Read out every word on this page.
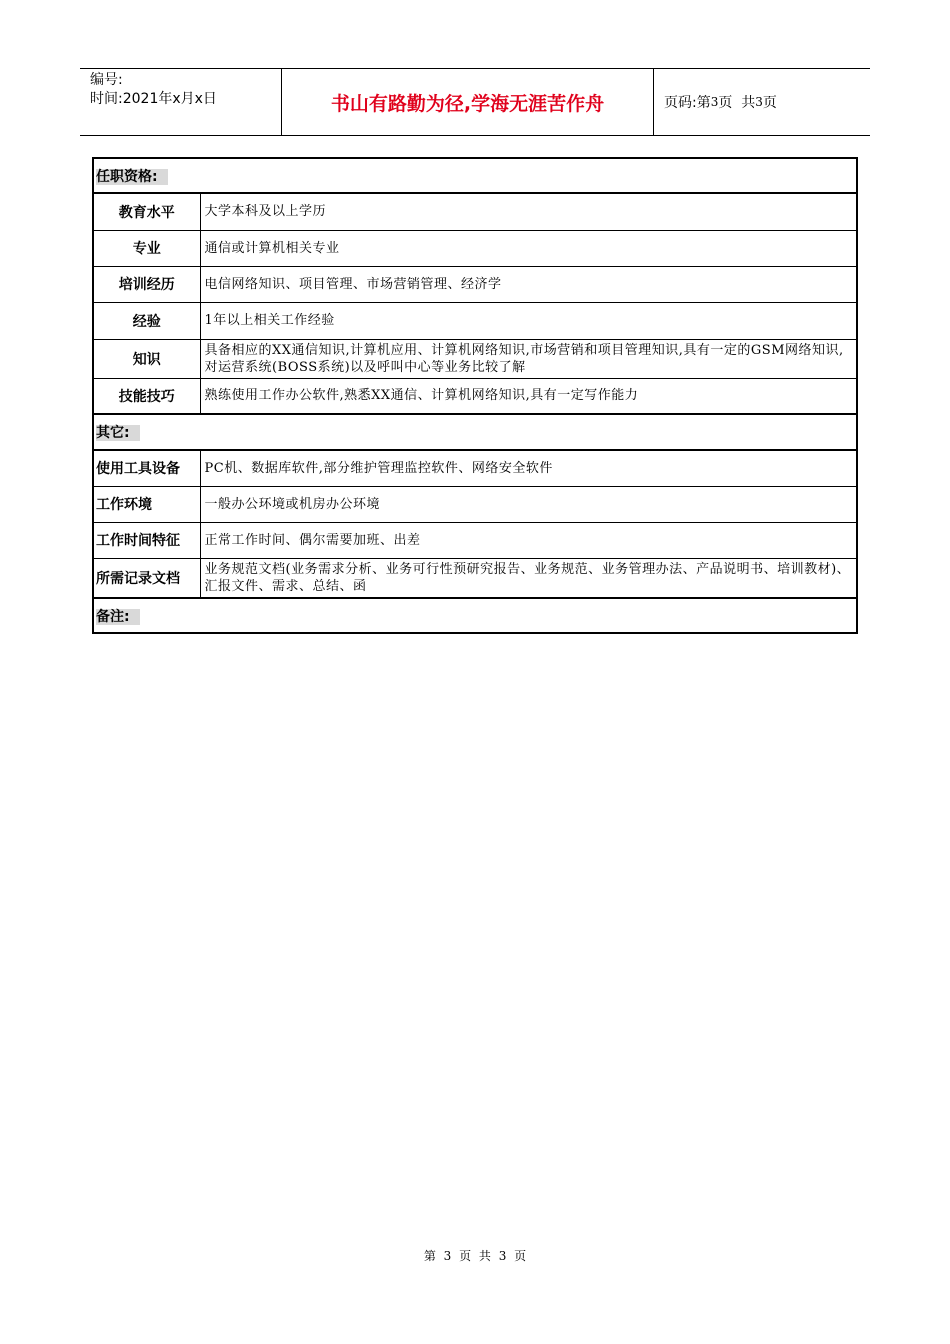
编号:
时间:2021年x月x日	书山有路勤为径,学海无涯苦作舟	页码:第 3 页  共 3 页
任职资格:	
教育水平	大学本科及以上学历
专业	通信或计算机相关专业
培训经历	电信网络知识、项目管理、市场营销管理、经济学
经验	1年以上相关工作经验
知识	具备相应的XX通信知识,计算机应用、计算机网络知识,市场营销和项目管理知识,具有一定的GSM网络知识,对运营系统(BOSS系统)以及呼叫中心等业务比较了解
技能技巧	熟练使用工作办公软件,熟悉XX通信、计算机网络知识,具有一定写作能力
其它:	
使用工具设备	PC机、数据库软件,部分维护管理监控软件、网络安全软件
工作环境	一般办公环境或机房办公环境
工作时间特征	正常工作时间、偶尔需要加班、出差
所需记录文档	业务规范文档(业务需求分析、业务可行性预研究报告、业务规范、业务管理办法、产品说明书、培训教材)、汇报文件、需求、总结、函
备注:	
第 3 页 共 3 页
